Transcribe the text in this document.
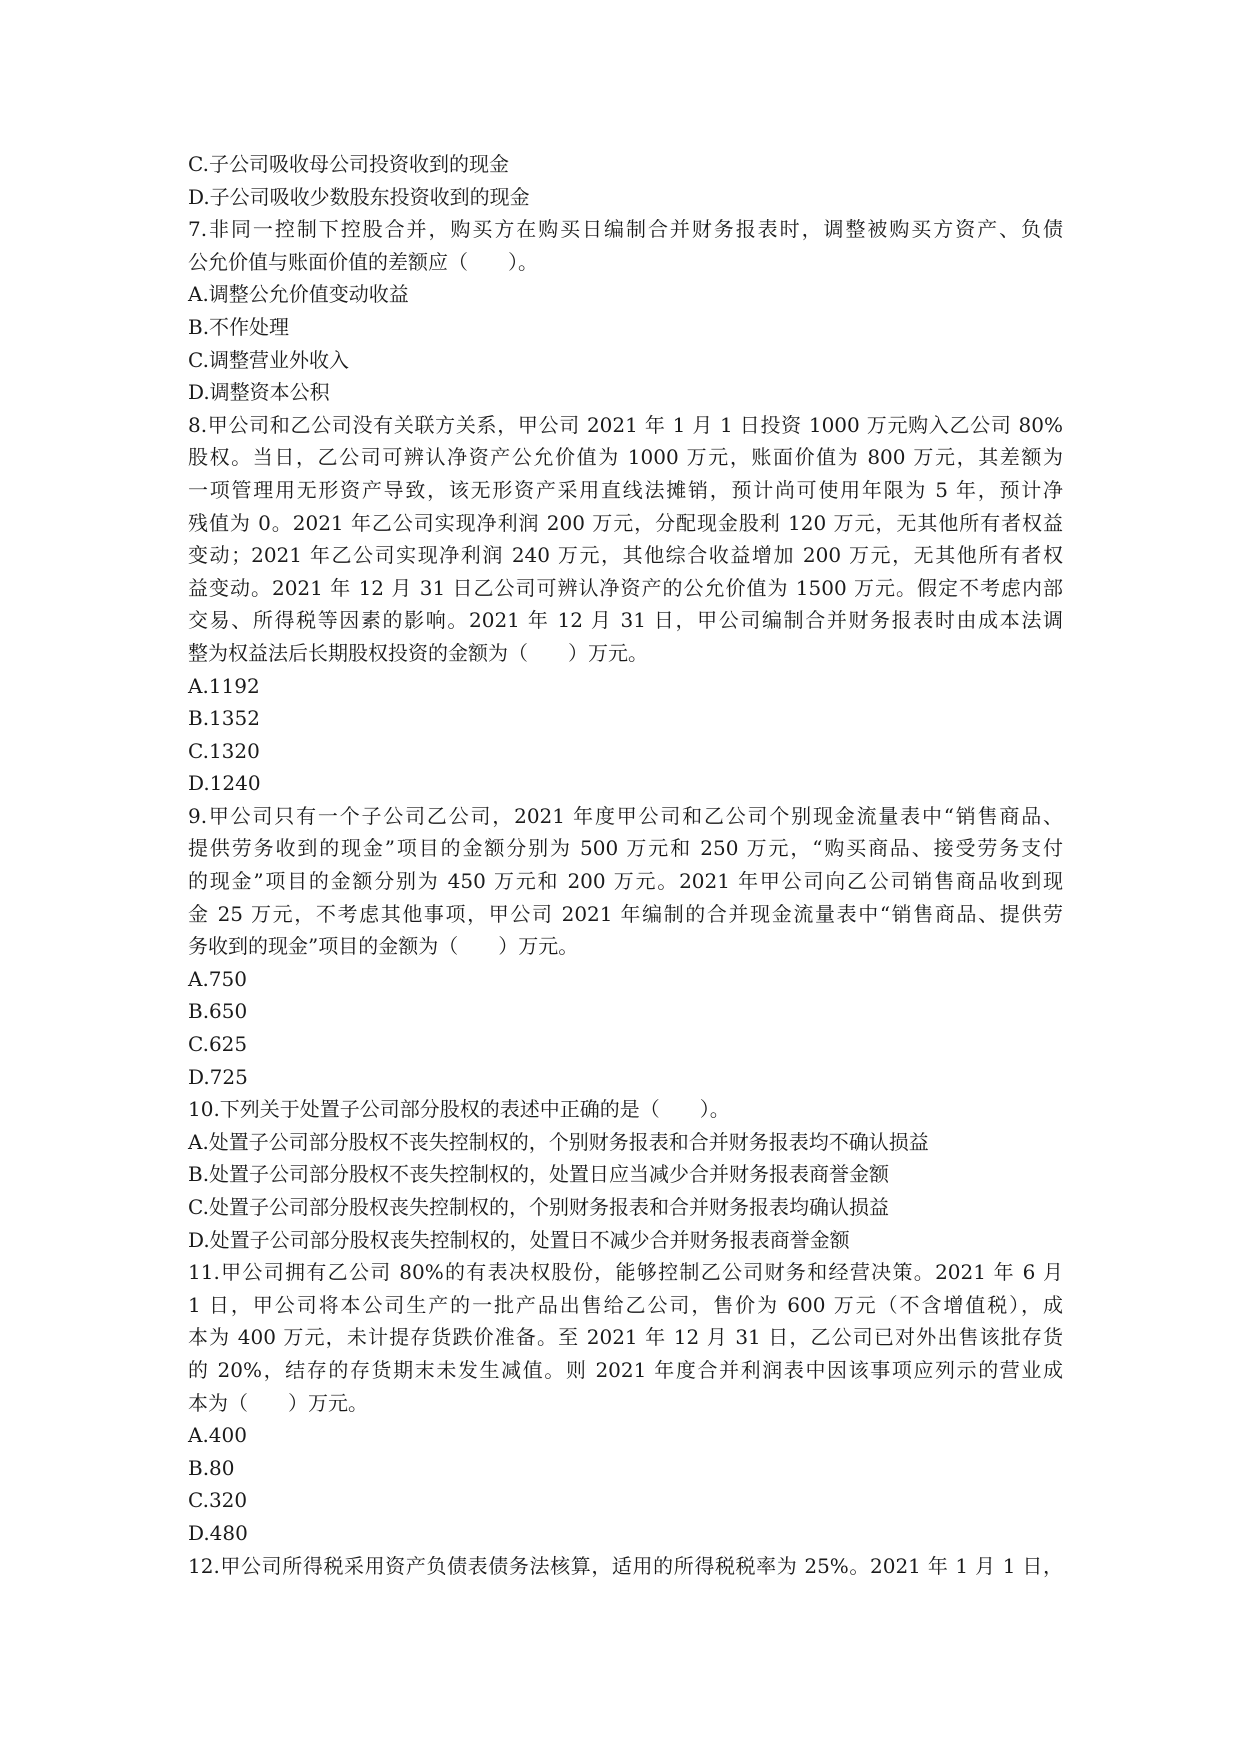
C.子公司吸收母公司投资收到的现金
D.子公司吸收少数股东投资收到的现金
7.非同一控制下控股合并，购买方在购买日编制合并财务报表时，调整被购买方资产、负债
公允价值与账面价值的差额应（　　）。
A.调整公允价值变动收益
B.不作处理
C.调整营业外收入
D.调整资本公积
8.甲公司和乙公司没有关联方关系，甲公司 2021 年 1 月 1 日投资 1000 万元购入乙公司 80%
股权。当日，乙公司可辨认净资产公允价值为 1000 万元，账面价值为 800 万元，其差额为
一项管理用无形资产导致，该无形资产采用直线法摊销，预计尚可使用年限为 5 年，预计净
残值为 0。2021 年乙公司实现净利润 200 万元，分配现金股利 120 万元，无其他所有者权益
变动；2021 年乙公司实现净利润 240 万元，其他综合收益增加 200 万元，无其他所有者权
益变动。2021 年 12 月 31 日乙公司可辨认净资产的公允价值为 1500 万元。假定不考虑内部
交易、所得税等因素的影响。2021 年 12 月 31 日，甲公司编制合并财务报表时由成本法调
整为权益法后长期股权投资的金额为（　　）万元。
A.1192
B.1352
C.1320
D.1240
9.甲公司只有一个子公司乙公司，2021 年度甲公司和乙公司个别现金流量表中“销售商品、
提供劳务收到的现金”项目的金额分别为 500 万元和 250 万元，“购买商品、接受劳务支付
的现金”项目的金额分别为 450 万元和 200 万元。2021 年甲公司向乙公司销售商品收到现
金 25 万元，不考虑其他事项，甲公司 2021 年编制的合并现金流量表中“销售商品、提供劳
务收到的现金”项目的金额为（　　）万元。
A.750
B.650
C.625
D.725
10.下列关于处置子公司部分股权的表述中正确的是（　　）。
A.处置子公司部分股权不丧失控制权的，个别财务报表和合并财务报表均不确认损益
B.处置子公司部分股权不丧失控制权的，处置日应当减少合并财务报表商誉金额
C.处置子公司部分股权丧失控制权的，个别财务报表和合并财务报表均确认损益
D.处置子公司部分股权丧失控制权的，处置日不减少合并财务报表商誉金额
11.甲公司拥有乙公司 80%的有表决权股份，能够控制乙公司财务和经营决策。2021 年 6 月
1 日，甲公司将本公司生产的一批产品出售给乙公司，售价为 600 万元（不含增值税），成
本为 400 万元，未计提存货跌价准备。至 2021 年 12 月 31 日，乙公司已对外出售该批存货
的 20%，结存的存货期末未发生减值。则 2021 年度合并利润表中因该事项应列示的营业成
本为（　　）万元。
A.400
B.80
C.320
D.480
12.甲公司所得税采用资产负债表债务法核算，适用的所得税税率为 25%。2021 年 1 月 1 日，
